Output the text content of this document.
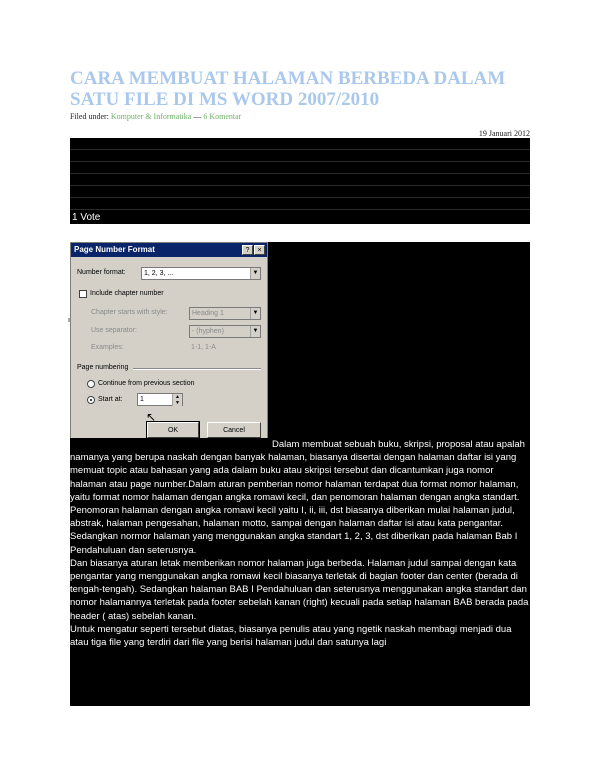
CARA MEMBUAT HALAMAN BERBEDA DALAM SATU FILE DI MS WORD 2007/2010
Filed under: Komputer & Informatika — 6 Komentar
19 Januari 2012
1 Vote
Page Number Format	?	×
Number format:	1, 2, 3, ...	▼
Include chapter number
Chapter starts with style:	Heading 1	▼
Use separator:	- (hyphen)	▼
Examples:	1-1, 1-A
Page numbering
Continue from previous section
Start at:	1	▲
▼
OK	Cancel
↖

Dalam membuat sebuah buku, skripsi, proposal atau apalah namanya yang berupa naskah dengan banyak halaman, biasanya disertai dengan halaman daftar isi yang memuat topic atau bahasan yang ada dalam buku atau skripsi tersebut dan dicantumkan juga nomor halaman atau page number.Dalam aturan pemberian nomor halaman terdapat dua format nomor halaman, yaitu format nomor halaman dengan angka romawi kecil, dan penomoran halaman dengan angka standart. Penomoran halaman dengan angka romawi kecil yaitu I, ii, iii, dst biasanya diberikan mulai halaman judul, abstrak, halaman pengesahan, halaman motto, sampai dengan halaman daftar isi atau kata pengantar. Sedangkan normor halaman yang menggunakan angka standart 1, 2, 3, dst diberikan pada halaman Bab I Pendahuluan dan seterusnya.

Dan biasanya aturan letak memberikan nomor halaman juga berbeda. Halaman judul sampai dengan kata pengantar yang menggunakan angka romawi kecil biasanya terletak di bagian footer dan center (berada di tengah-tengah). Sedangkan halaman BAB I Pendahuluan dan seterusnya menggunakan angka standart dan nomor halamannya terletak pada footer sebelah kanan (right) kecuali pada setiap halaman BAB berada pada header ( atas) sebelah kanan.

Untuk mengatur seperti tersebut diatas, biasanya penulis atau yang ngetik naskah membagi menjadi dua atau tiga file yang terdiri dari file yang berisi halaman judul dan satunya lagi
